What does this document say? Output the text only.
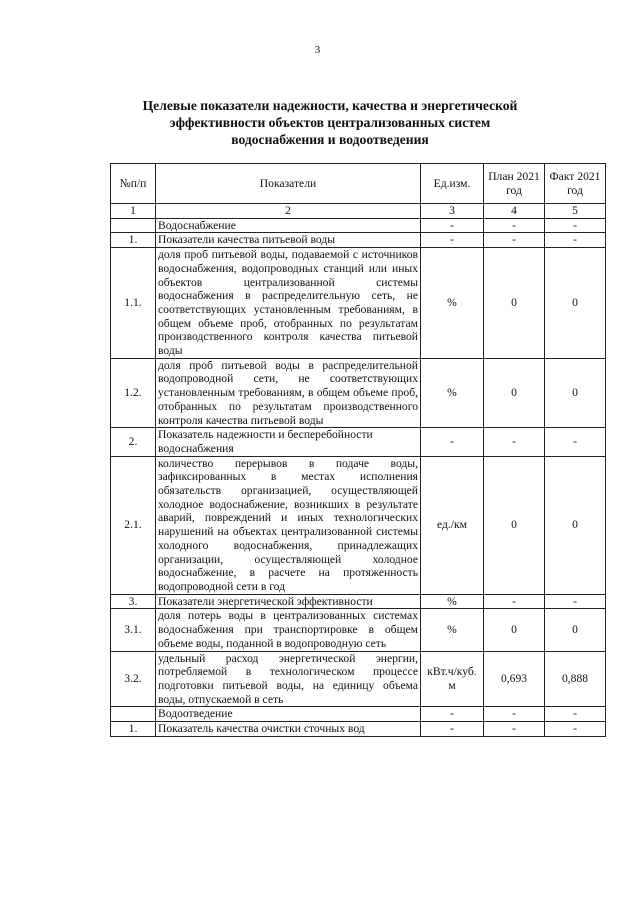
3
Целевые показатели надежности, качества и энергетической
эффективности объектов централизованных систем
водоснабжения и водоотведения
№п/п	Показатели	Ед.изм.	План 2021 год	Факт 2021 год
1	2	3	4	5
	Водоснабжение	-	-	-
1.	Показатели качества питьевой воды	-	-	-
1.1.	доля проб питьевой воды, подаваемой с источников водоснабжения, водопроводных станций или иных объектов централизованной системы водоснабжения в распределительную сеть, не соответствующих установленным требованиям, в общем объеме проб, отобранных по результатам производственного контроля качества питьевой воды	%	0	0
1.2.	доля проб питьевой воды в распределительной водопроводной сети, не соответствующих установленным требованиям, в общем объеме проб, отобранных по результатам производственного контроля качества питьевой воды	%	0	0
2.	Показатель надежности и бесперебойности водоснабжения	-	-	-
2.1.	количество перерывов в подаче воды, зафиксированных в местах исполнения обязательств организацией, осуществляющей холодное водоснабжение, возникших в результате аварий, повреждений и иных технологических нарушений на объектах централизованной системы холодного водоснабжения, принадлежащих организации, осуществляющей холодное водоснабжение, в расчете на протяженность водопроводной сети в год	ед./км	0	0
3.	Показатели энергетической эффективности	%	-	-
3.1.	доля потерь воды в централизованных системах водоснабжения при транспортировке в общем объеме воды, поданной в водопроводную сеть	%	0	0
3.2.	удельный расход энергетической энергии, потребляемой в технологическом процессе подготовки питьевой воды, на единицу объема воды, отпускаемой в сеть	кВт.ч/куб. м	0,693	0,888
	Водоотведение	-	-	-
1.	Показатель качества очистки сточных вод	-	-	-
